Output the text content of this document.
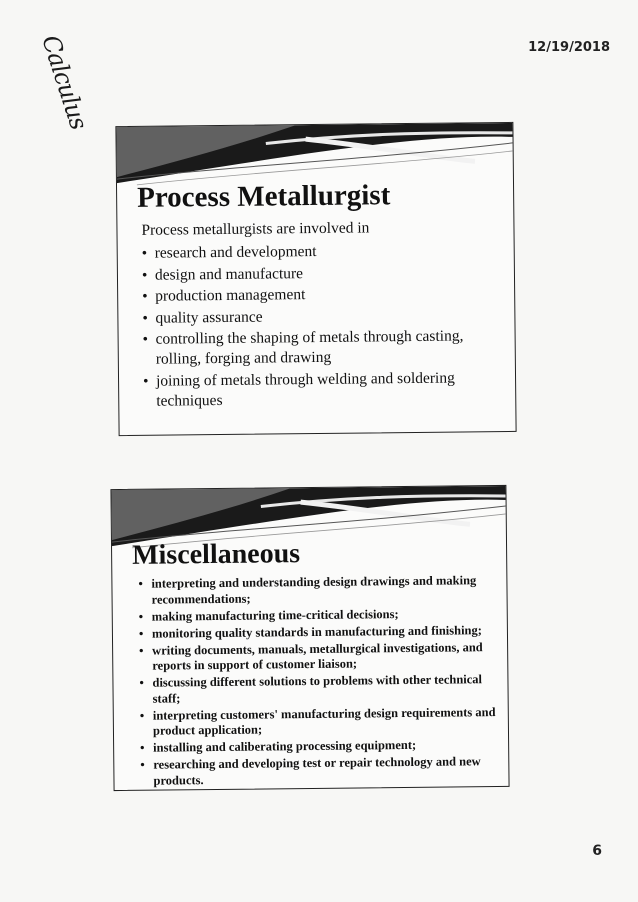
Calculus	12/19/2018
Process Metallurgist

Process metallurgists are involved in

• research and development
• design and manufacture
• production management
• quality assurance
• controlling the shaping of metals through casting, rolling, forging and drawing
• joining of metals through welding and soldering techniques
Miscellaneous
• interpreting and understanding design drawings and making recommendations;
• making manufacturing time-critical decisions;
• monitoring quality standards in manufacturing and finishing;
• writing documents, manuals, metallurgical investigations, and reports in support of customer liaison;
• discussing different solutions to problems with other technical staff;
• interpreting customers' manufacturing design requirements and product application;
• installing and caliberating processing equipment;
• researching and developing test or repair technology and new products.
6
